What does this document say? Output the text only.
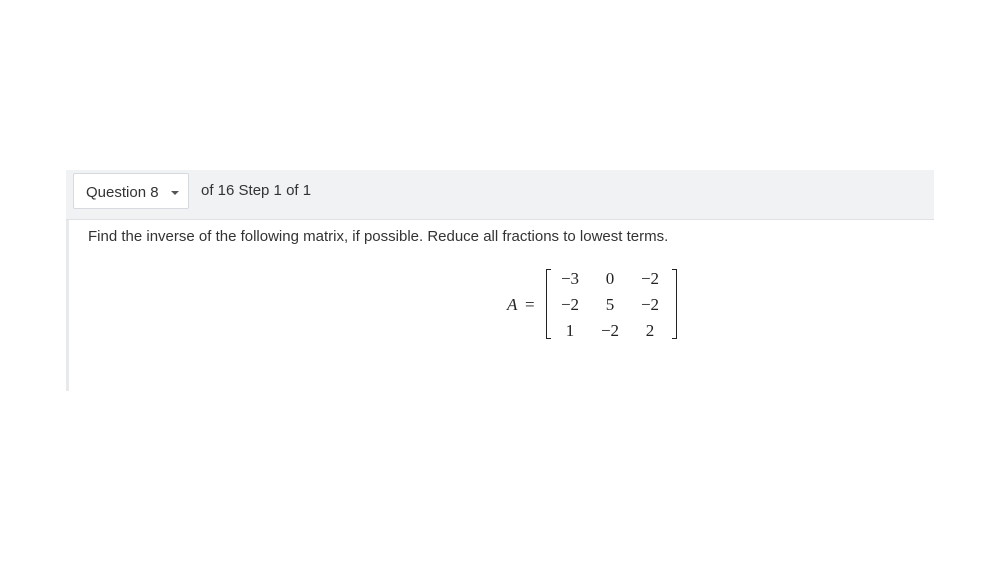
Question 8	of 16 Step 1 of 1
Find the inverse of the following matrix, if possible. Reduce all fractions to lowest terms.
A =
−3	0	−2
−2	5	−2
1	−2	2
